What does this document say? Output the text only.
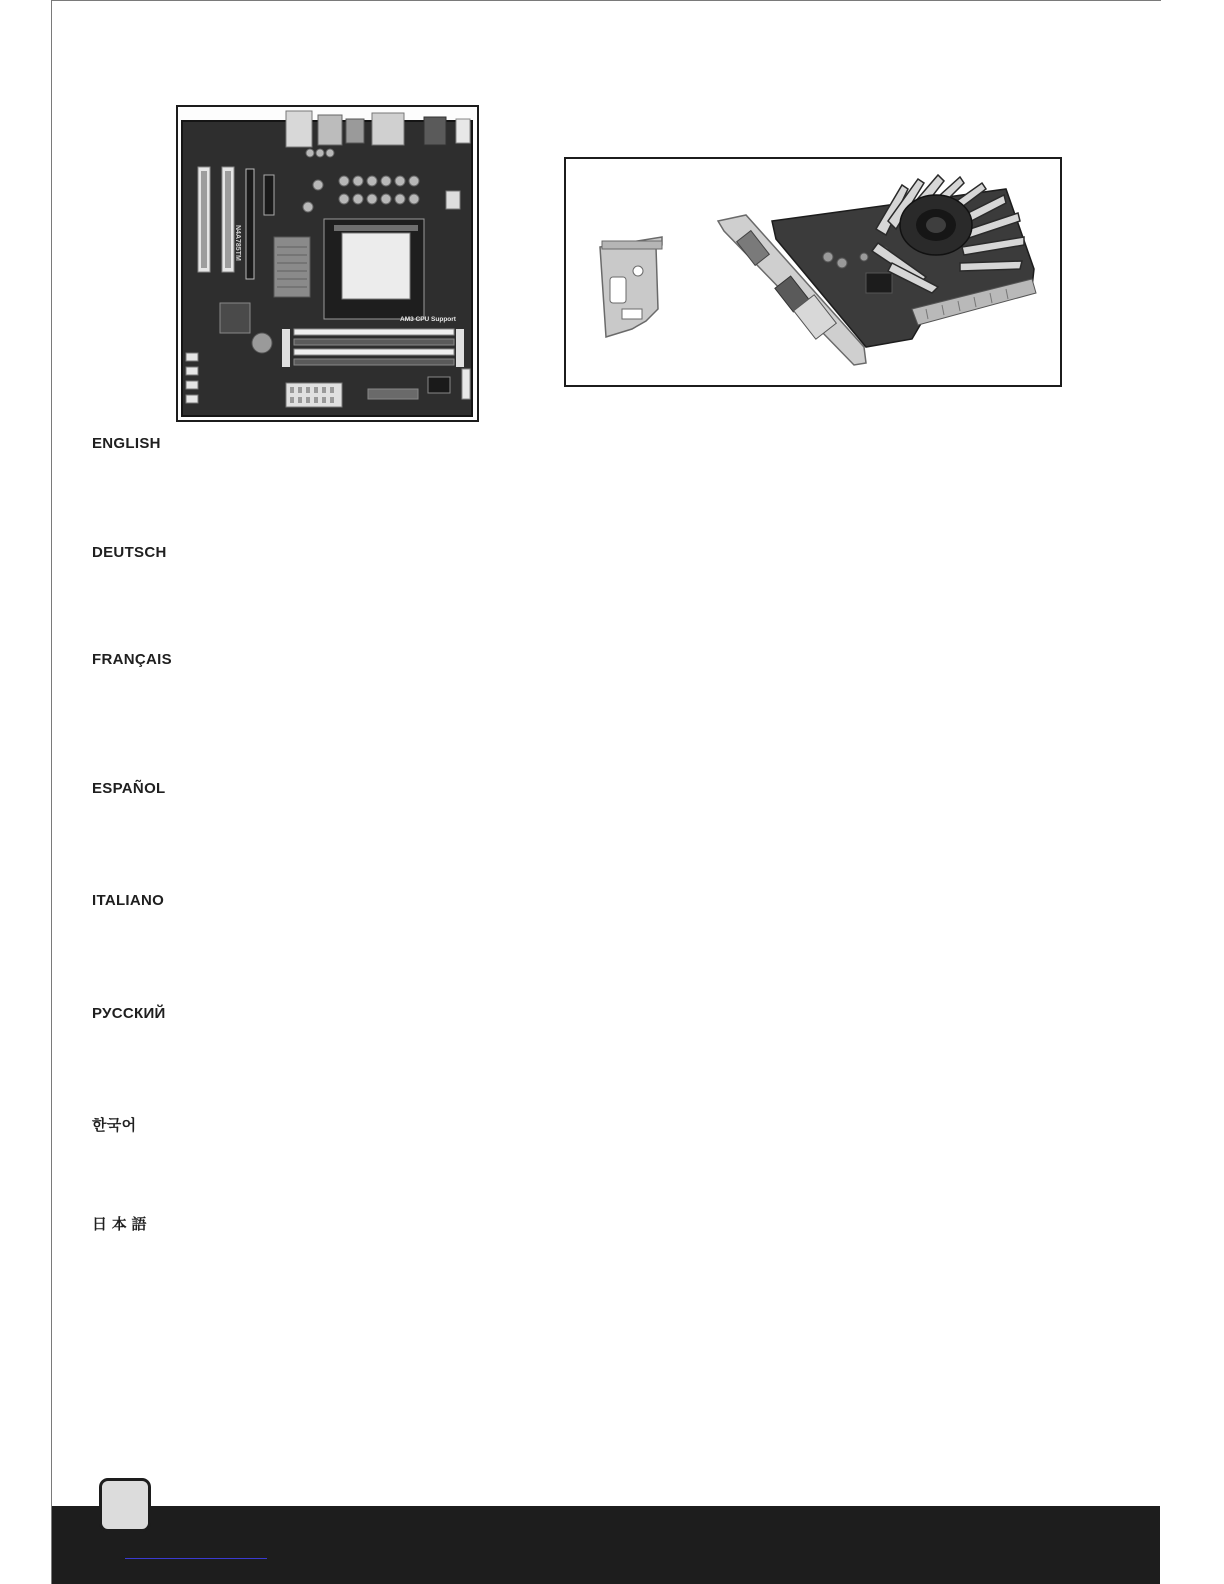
N4A785TM
AM3 CPU Support
ENGLISH
DEUTSCH
FRANÇAIS
ESPAÑOL
ITALIANO
РУССКИЙ
한국어
日 本 語
